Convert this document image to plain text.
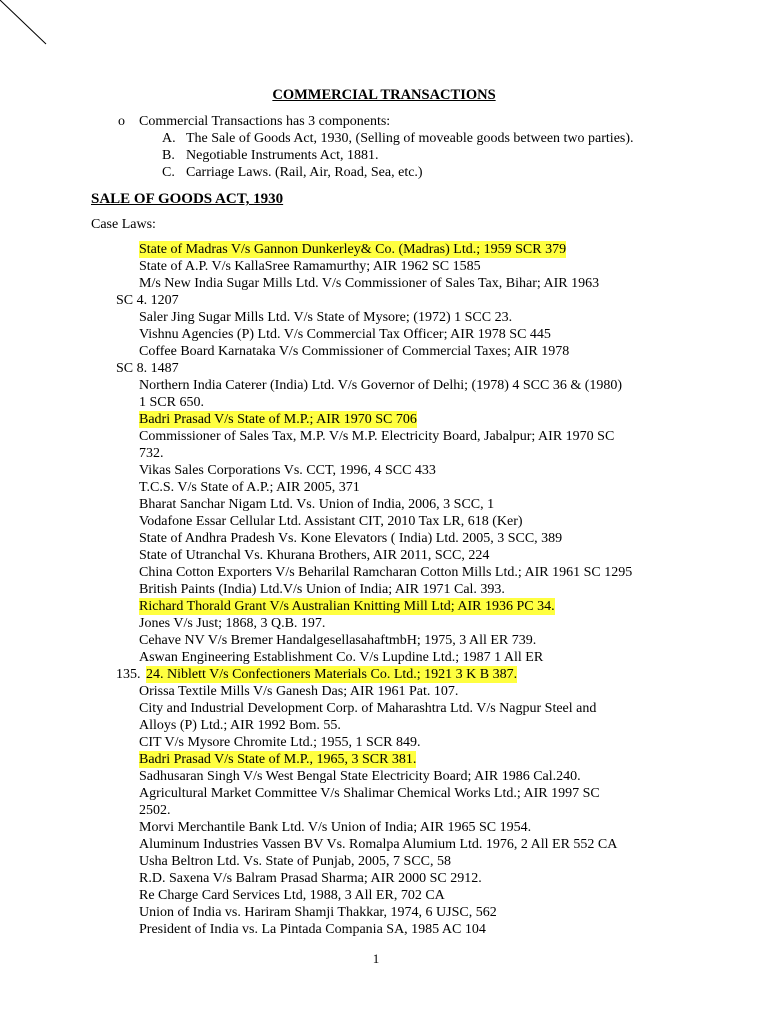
COMMERCIAL TRANSACTIONS
o Commercial Transactions has 3 components:
A. The Sale of Goods Act, 1930, (Selling of moveable goods between two parties).
B. Negotiable Instruments Act, 1881.
C. Carriage Laws. (Rail, Air, Road, Sea, etc.)
SALE OF GOODS ACT, 1930
Case Laws:
State of Madras V/s Gannon Dunkerley& Co. (Madras) Ltd.; 1959 SCR 379
State of A.P. V/s KallaSree Ramamurthy; AIR 1962 SC 1585
M/s New India Sugar Mills Ltd. V/s Commissioner of Sales Tax, Bihar; AIR 1963
SC 4. 1207
Saler Jing Sugar Mills Ltd. V/s State of Mysore; (1972) 1 SCC 23.
Vishnu Agencies (P) Ltd. V/s Commercial Tax Officer; AIR 1978 SC 445
Coffee Board Karnataka V/s Commissioner of Commercial Taxes; AIR 1978
SC 8. 1487
Northern India Caterer (India) Ltd. V/s Governor of Delhi; (1978) 4 SCC 36 & (1980)
1 SCR 650.
Badri Prasad V/s State of M.P.; AIR 1970 SC 706
Commissioner of Sales Tax, M.P. V/s M.P. Electricity Board, Jabalpur; AIR 1970 SC
732.
Vikas Sales Corporations Vs. CCT, 1996, 4 SCC 433
T.C.S. V/s State of A.P.; AIR 2005, 371
Bharat Sanchar Nigam Ltd. Vs. Union of India, 2006, 3 SCC, 1
Vodafone Essar Cellular Ltd. Assistant CIT, 2010 Tax LR, 618 (Ker)
State of Andhra Pradesh Vs. Kone Elevators ( India) Ltd. 2005, 3 SCC, 389
State of Utranchal Vs. Khurana Brothers, AIR 2011, SCC, 224
China Cotton Exporters V/s Beharilal Ramcharan Cotton Mills Ltd.; AIR 1961 SC 1295
British Paints (India) Ltd.V/s Union of India; AIR 1971 Cal. 393.
Richard Thorald Grant V/s Australian Knitting Mill Ltd; AIR 1936 PC 34.
Jones V/s Just; 1868, 3 Q.B. 197.
Cehave NV V/s Bremer HandalgesellasahaftmbH; 1975, 3 All ER 739.
Aswan Engineering Establishment Co. V/s Lupdine Ltd.; 1987 1 All ER
135. 24. Niblett V/s Confectioners Materials Co. Ltd.; 1921 3 K B 387.
Orissa Textile Mills V/s Ganesh Das; AIR 1961 Pat. 107.
City and Industrial Development Corp. of Maharashtra Ltd. V/s Nagpur Steel and
Alloys (P) Ltd.; AIR 1992 Bom. 55.
CIT V/s Mysore Chromite Ltd.; 1955, 1 SCR 849.
Badri Prasad V/s State of M.P., 1965, 3 SCR 381.
Sadhusaran Singh V/s West Bengal State Electricity Board; AIR 1986 Cal.240.
Agricultural Market Committee V/s Shalimar Chemical Works Ltd.; AIR 1997 SC
2502.
Morvi Merchantile Bank Ltd. V/s Union of India; AIR 1965 SC 1954.
Aluminum Industries Vassen BV Vs. Romalpa Alumium Ltd. 1976, 2 All ER 552 CA
Usha Beltron Ltd. Vs. State of Punjab, 2005, 7 SCC, 58
R.D. Saxena V/s Balram Prasad Sharma; AIR 2000 SC 2912.
Re Charge Card Services Ltd, 1988, 3 All ER, 702 CA
Union of India vs. Hariram Shamji Thakkar, 1974, 6 UJSC, 562
President of India vs. La Pintada Compania SA, 1985 AC 104
1
